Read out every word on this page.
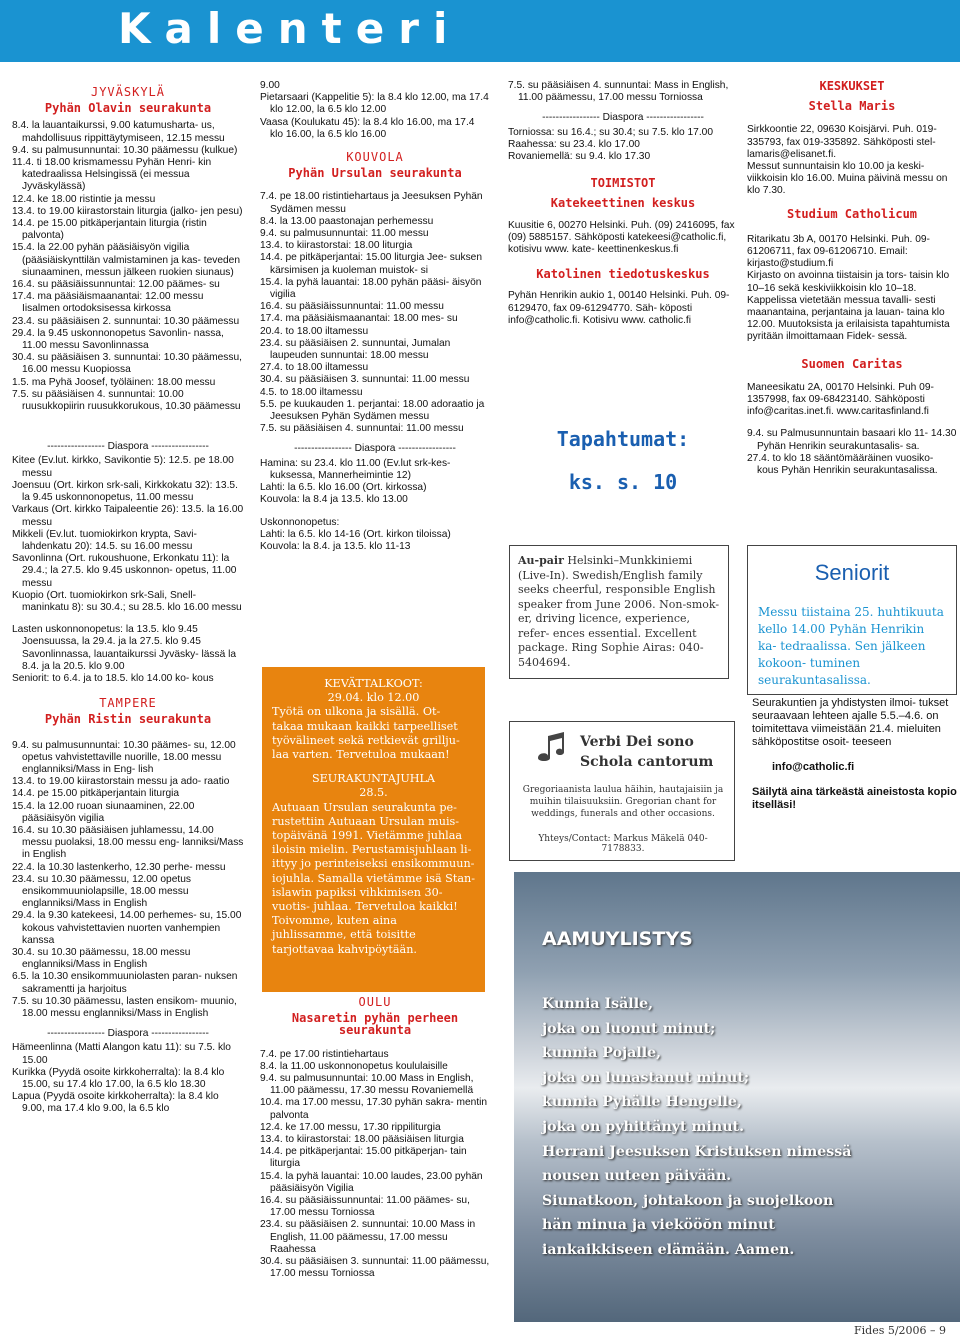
Kalenteri
JYVÄSKYLÄ
Pyhän Olavin seurakunta

8.4. la lauantaikurssi, 9.00 katumusharta- us, mahdollisuus rippittäytymiseen, 12.15 messu

9.4. su palmusunnuntai: 10.30 päämessu (kulkue)

11.4. ti 18.00 krismamessu Pyhän Henri- kin katedraalissa Helsingissä (ei messua Jyväskylässä)

12.4. ke 18.00 ristintie ja messu

13.4. to 19.00 kiirastorstain liturgia (jalko- jen pesu)

14.4. pe 15.00 pitkäperjantain liturgia (ristin palvonta)

15.4. la 22.00 pyhän pääsiäisyön vigilia (pääsiäiskynttilän valmistaminen ja kas- teveden siunaaminen, messun jälkeen ruokien siunaus)

16.4. su pääsiäissunnuntai: 12.00 päämes- su

17.4. ma pääsiäismaanantai: 12.00 messu Iisalmen ortodoksisessa kirkossa

23.4. su pääsiäisen 2. sunnuntai: 10.30 päämessu

29.4. la 9.45 uskonnonopetus Savonlin- nassa, 11.00 messu Savonlinnassa

30.4. su pääsiäisen 3. sunnuntai: 10.30 päämessu, 16.00 messu Kuopiossa

1.5. ma Pyhä Joosef, työläinen: 18.00 messu

7.5. su pääsiäisen 4. sunnuntai: 10.00 ruusukkopiirin ruusukkorukous, 10.30 päämessu

----------------- Diaspora -----------------

Kitee (Ev.lut. kirkko, Savikontie 5): 12.5. pe 18.00 messu

Joensuu (Ort. kirkon srk-sali, Kirkkokatu 32): 13.5. la 9.45 uskonnonopetus, 11.00 messu

Varkaus (Ort. kirkko Taipaleentie 26): 13.5. la 16.00 messu

Mikkeli (Ev.lut. tuomiokirkon krypta, Savi- lahdenkatu 20): 14.5. su 16.00 messu

Savonlinna (Ort. rukoushuone, Erkonkatu 11): la 29.4.; la 27.5. klo 9.45 uskonnon- opetus, 11.00 messu

Kuopio (Ort. tuomiokirkon srk-Sali, Snell- maninkatu 8): su 30.4.; su 28.5. klo 16.00 messu

Lasten uskonnonopetus: la 13.5. klo 9.45 Joensuussa, la 29.4. ja la 27.5. klo 9.45 Savonlinnassa, lauantaikurssi Jyväsky- lässä la 8.4. ja la 20.5. klo 9.00

Seniorit: to 6.4. ja to 18.5. klo 14.00 ko- kous

TAMPERE
Pyhän Ristin seurakunta

9.4. su palmusunnuntai: 10.30 päämes- su, 12.00 opetus vahvistettaville nuorille, 18.00 messu englanniksi/Mass in Eng- lish

13.4. to 19.00 kiirastorstain messu ja ado- raatio

14.4. pe 15.00 pitkäperjantain liturgia

15.4. la 12.00 ruoan siunaaminen, 22.00 pääsiäisyön vigilia

16.4. su 10.30 pääsiäisen juhlamessu, 14.00 messu puolaksi, 18.00 messu eng- lanniksi/Mass in English

22.4. la 10.30 lastenkerho, 12.30 perhe- messu

23.4. su 10.30 päämessu, 12.00 opetus ensikommuuniolapsille, 18.00 messu englanniksi/Mass in English

29.4. la 9.30 katekeesi, 14.00 perhemes- su, 15.00 kokous vahvistettavien nuorten vanhempien kanssa

30.4. su 10.30 päämessu, 18.00 messu englanniksi/Mass in English

6.5. la 10.30 ensikommuuniolasten paran- nuksen sakramentti ja harjoitus

7.5. su 10.30 päämessu, lasten ensikom- muunio, 18.00 messu englanniksi/Mass in English

----------------- Diaspora -----------------

Hämeenlinna (Matti Alangon katu 11): su 7.5. klo 15.00

Kurikka (Pyydä osoite kirkkoherralta): la 8.4 klo 15.00, su 17.4 klo 17.00, la 6.5 klo 18.30

Lapua (Pyydä osoite kirkkoherralta): la 8.4 klo 9.00, ma 17.4 klo 9.00, la 6.5 klo

9.00

Pietarsaari (Kappelitie 5): la 8.4 klo 12.00, ma 17.4 klo 12.00, la 6.5 klo 12.00

Vaasa (Koulukatu 45): la 8.4 klo 16.00, ma 17.4 klo 16.00, la 6.5 klo 16.00

KOUVOLA
Pyhän Ursulan seurakunta

7.4. pe 18.00 ristintiehartaus ja Jeesuksen Pyhän Sydämen messu

8.4. la 13.00 paastonajan perhemessu

9.4. su palmusunnuntai: 11.00 messu

13.4. to kiirastorstai: 18.00 liturgia

14.4. pe pitkäperjantai: 15.00 liturgia Jee- suksen kärsimisen ja kuoleman muistok- si

15.4. la pyhä lauantai: 18.00 pyhän pääsi- äisyön vigilia

16.4. su pääsiäissunnuntai: 11.00 messu

17.4. ma pääsiäismaanantai: 18.00 mes- su

20.4. to 18.00 iltamessu

23.4. su pääsiäisen 2. sunnuntai, Jumalan laupeuden sunnuntai: 18.00 messu

27.4. to 18.00 iltamessu

30.4. su pääsiäisen 3. sunnuntai: 11.00 messu

4.5. to 18.00 iltamessu

5.5. pe kuukauden 1. perjantai: 18.00 adoraatio ja Jeesuksen Pyhän Sydämen messu

7.5. su pääsiäisen 4. sunnuntai: 11.00 messu

----------------- Diaspora -----------------

Hamina: su 23.4. klo 11.00 (Ev.lut srk-kes- kuksessa, Mannerheimintie 12)

Lahti: la 6.5. klo 16.00 (Ort. kirkossa)

Kouvola: la 8.4 ja 13.5. klo 13.00

Uskonnonopetus:

Lahti: la 6.5. klo 14-16 (Ort. kirkon tiloissa)

Kouvola: la 8.4. ja 13.5. klo 11-13

KEVÄTTALKOOT:
29.04. klo 12.00
Työtä on ulkona ja sisällä. Ot- takaa mukaan kaikki tarpeelliset työvälineet sekä retkievät grillju- laa varten. Tervetuloa mukaan!
SEURAKUNTAJUHLA
28.5.
Autuaan Ursulan seurakunta pe- rustettiin Autuaan Ursulan muis- topäivänä 1991. Vietämme juhlaa iloisin mielin. Perustamisjuhlaan li- ittyy jo perinteiseksi ensikommuun- iojuhla. Samalla vietämme isä Stan- islawin papiksi vihkimisen 30-vuotis- juhlaa. Tervetuloa kaikki! Toivomme, kuten aina juhlissamme, että toisitte tarjottavaa kahvipöytään.
OULU
Nasaretin pyhän perheen seurakunta

7.4. pe 17.00 ristintiehartaus

8.4. la 11.00 uskonnonopetus koululaisille

9.4. su palmusunnuntai: 10.00 Mass in English, 11.00 päämessu, 17.30 messu Rovaniemellä

10.4. ma 17.00 messu, 17.30 pyhän sakra- mentin palvonta

12.4. ke 17.00 messu, 17.30 rippiliturgia

13.4. to kiirastorstai: 18.00 pääsiäisen liturgia

14.4. pe pitkäperjantai: 15.00 pitkäperjan- tain liturgia

15.4. la pyhä lauantai: 10.00 laudes, 23.00 pyhän pääsiäisyön Vigilia

16.4. su pääsiäissunnuntai: 11.00 päämes- su, 17.00 messu Torniossa

23.4. su pääsiäisen 2. sunnuntai: 10.00 Mass in English, 11.00 päämessu, 17.00 messu Raahessa

30.4. su pääsiäisen 3. sunnuntai: 11.00 päämessu, 17.00 messu Torniossa

7.5. su pääsiäisen 4. sunnuntai: Mass in English, 11.00 päämessu, 17.00 messu Torniossa

----------------- Diaspora -----------------

Torniossa: su 16.4.; su 30.4; su 7.5. klo 17.00

Raahessa: su 23.4. klo 17.00

Rovaniemellä: su 9.4. klo 17.30

TOIMISTOT
Katekeettinen keskus

Kuusitie 6, 00270 Helsinki. Puh. (09) 2416095, fax (09) 5885157. Sähköposti katekeesi@catholic.fi, kotisivu www. kate- keettinenkeskus.fi

Katolinen tiedotuskeskus

Pyhän Henrikin aukio 1, 00140 Helsinki. Puh. 09-6129470, fax 09-61294770. Säh- köposti info@catholic.fi. Kotisivu www. catholic.fi

Tapahtumat:
ks. s. 10
KESKUKSET
Stella Maris

Sirkkoontie 22, 09630 Koisjärvi. Puh. 019- 335793, fax 019-335892. Sähköposti stel- lamaris@elisanet.fi.

Messut sunnuntaisin klo 10.00 ja keski- viikkoisin klo 16.00. Muina päivinä messu on klo 7.30.

Studium Catholicum

Ritarikatu 3b A, 00170 Helsinki. Puh. 09- 61206711, fax 09-61206710. Email: kirjasto@studium.fi

Kirjasto on avoinna tiistaisin ja tors- taisin klo 10–16 sekä keskiviikkoisin klo 10–18.

Kappelissa vietetään messua tavalli- sesti maanantaina, perjantaina ja lauan- taina klo 12.00. Muutoksista ja erilaisista tapahtumista pyritään ilmoittamaan Fidek- sessä.

Suomen Caritas

Maneesikatu 2A, 00170 Helsinki. Puh 09- 1357998, fax 09-68423140. Sähköposti info@caritas.inet.fi. www.caritasfinland.fi

9.4. su Palmusunnuntain basaari klo 11- 14.30 Pyhän Henrikin seurakuntasalis- sa.

27.4. to klo 18 sääntömääräinen vuosiko- kous Pyhän Henrikin seurakuntasalissa.

Au-pair Helsinki–Munkkiniemi (Live-In). Swedish/English family seeks cheerful, responsible English speaker from June 2006. Non-smok- er, driving licence, experience, refer- ences essential. Excellent package. Ring Sophie Airas: 040-5404694.
Verbi Dei sono
Schola cantorum
Gregoriaanista laulua häihin, hautajaisiin ja muihin tilaisuuksiin. Gregorian chant for weddings, funerals and other occasions.
Yhteys/Contact: Markus Mäkelä 040-7178833.
Seniorit
Messu tiistaina 25. huhtikuuta kello 14.00 Pyhän Henrikin ka- tedraalissa. Sen jälkeen kokoon- tuminen seurakuntasalissa.
Seurakuntien ja yhdistysten ilmoi- tukset seuraavaan lehteen ajalle 5.5.–4.6. on toimitettava viimeistään 21.4. mieluiten sähköpostitse osoit- teeseen
info@catholic.fi
Säilytä aina tärkeästä aineistosta kopio itselläsi!
AAMUYLISTYS
Kunnia Isälle,
joka on luonut minut;
kunnia Pojalle,
joka on lunastanut minut;
kunnia Pyhälle Hengelle,
joka on pyhittänyt minut.
Herrani Jeesuksen Kristuksen nimessä
nousen uuteen päivään.
Siunatkoon, johtakoon ja suojelkoon
hän minua ja viekööŏn minut
iankaikkiseen elämään. Aamen.
Fides 5/2006 – 9
